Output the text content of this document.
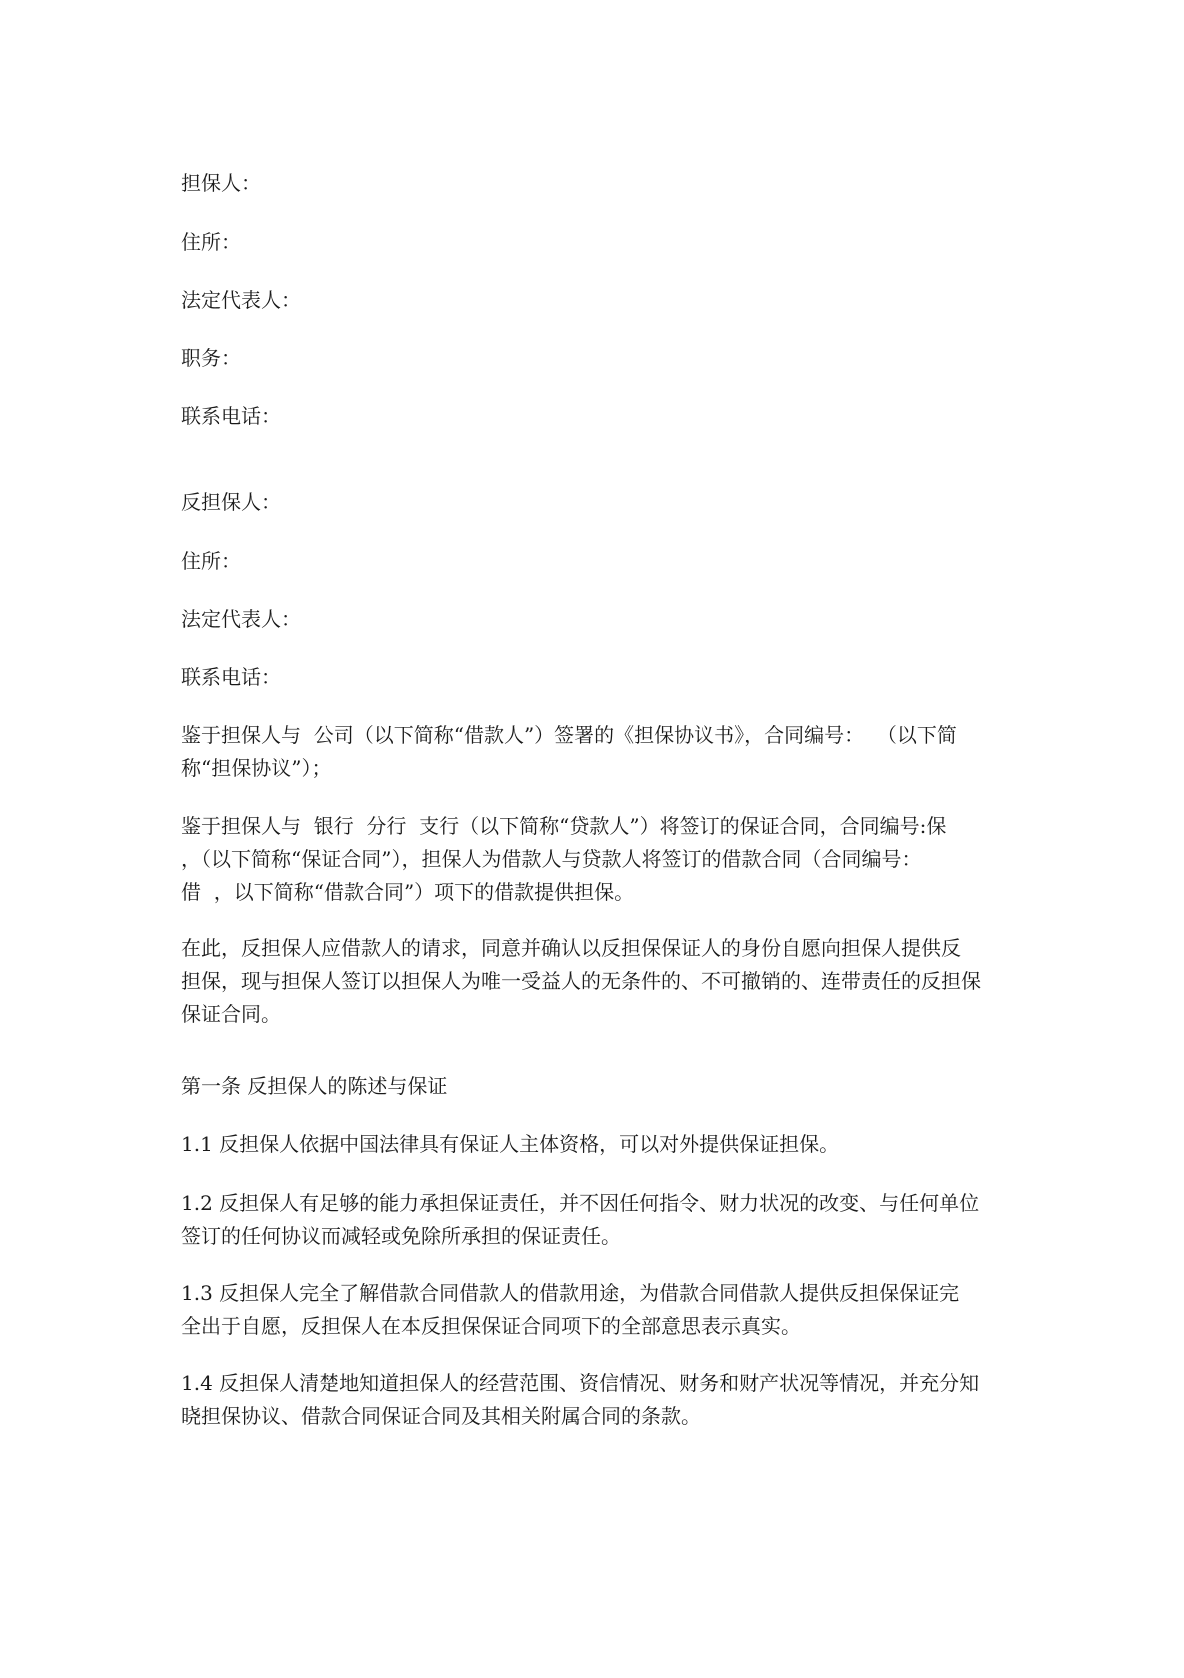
担保人：

住所：

法定代表人：

职务：

联系电话：

反担保人：

住所：

法定代表人：

联系电话：

鉴于担保人与  公司（以下简称“借款人”）签署的《担保协议书》，合同编号：  （以下简
称“担保协议”）；

鉴于担保人与  银行  分行  支行（以下简称“贷款人”）将签订的保证合同，合同编号:保
，（以下简称“保证合同”），担保人为借款人与贷款人将签订的借款合同（合同编号：
借  ，以下简称“借款合同”）项下的借款提供担保。

在此，反担保人应借款人的请求，同意并确认以反担保保证人的身份自愿向担保人提供反
担保，现与担保人签订以担保人为唯一受益人的无条件的、不可撤销的、连带责任的反担保
保证合同。

第一条 反担保人的陈述与保证

1.1 反担保人依据中国法律具有保证人主体资格，可以对外提供保证担保。

1.2 反担保人有足够的能力承担保证责任，并不因任何指令、财力状况的改变、与任何单位
签订的任何协议而减轻或免除所承担的保证责任。

1.3 反担保人完全了解借款合同借款人的借款用途，为借款合同借款人提供反担保保证完
全出于自愿，反担保人在本反担保保证合同项下的全部意思表示真实。

1.4 反担保人清楚地知道担保人的经营范围、资信情况、财务和财产状况等情况，并充分知
晓担保协议、借款合同保证合同及其相关附属合同的条款。
